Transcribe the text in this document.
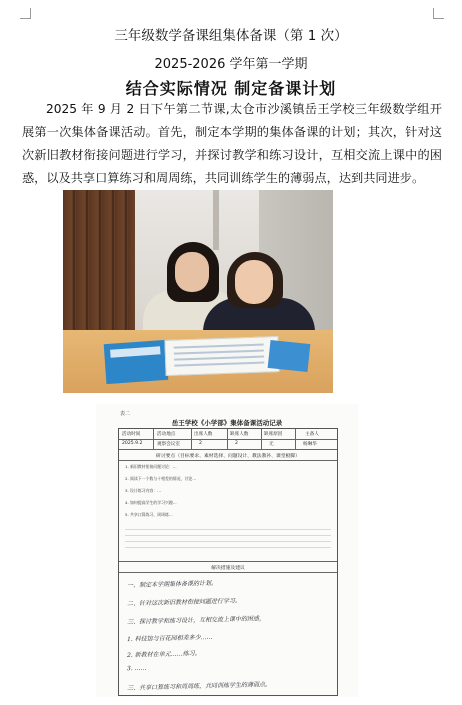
三年级数学备课组集体备课（第 1 次）
2025-2026 学年第一学期
结合实际情况 制定备课计划
2025 年 9 月 2 日下午第二节课,太仓市沙溪镇岳王学校三年级数学组开展第一次集体备课活动。首先，制定本学期的集体备课的计划；其次，针对这次新旧教材衔接问题进行学习，并探讨教学和练习设计，互相交流上课中的困惑，以及共享口算练习和周周练，共同训练学生的薄弱点，达到共同进步。
表二
岳王学校《小学部》集体备课活动记录
活动时间	活动地点	出席人数	缺席人数	缺席原因	主备人
2025.9.2	观察会议室	2	2	无	杨琳华
研讨要点（目标要求、素材选择、问题设计、教法教补、课堂板脚）
1. 新旧教材衔接问题讨论：…
2. 阅读下一个数与十相差的情况，讨论…
3. 设计练习内容：…
4. 如何提高学生的学习兴趣…
5. 共享口算练习、周周练…
解决措施及建议
一、制定本学期集体备课的计划。
二、针对这次新旧教材衔接问题进行学习。
三、探讨教学和练习设计，互相交流上课中的困惑，
1. 科技馆与百花园相差多少……
2. 新教材在单元……练习。
3. ……
三、共享口算练习和周周练，共同训练学生的薄弱点。
